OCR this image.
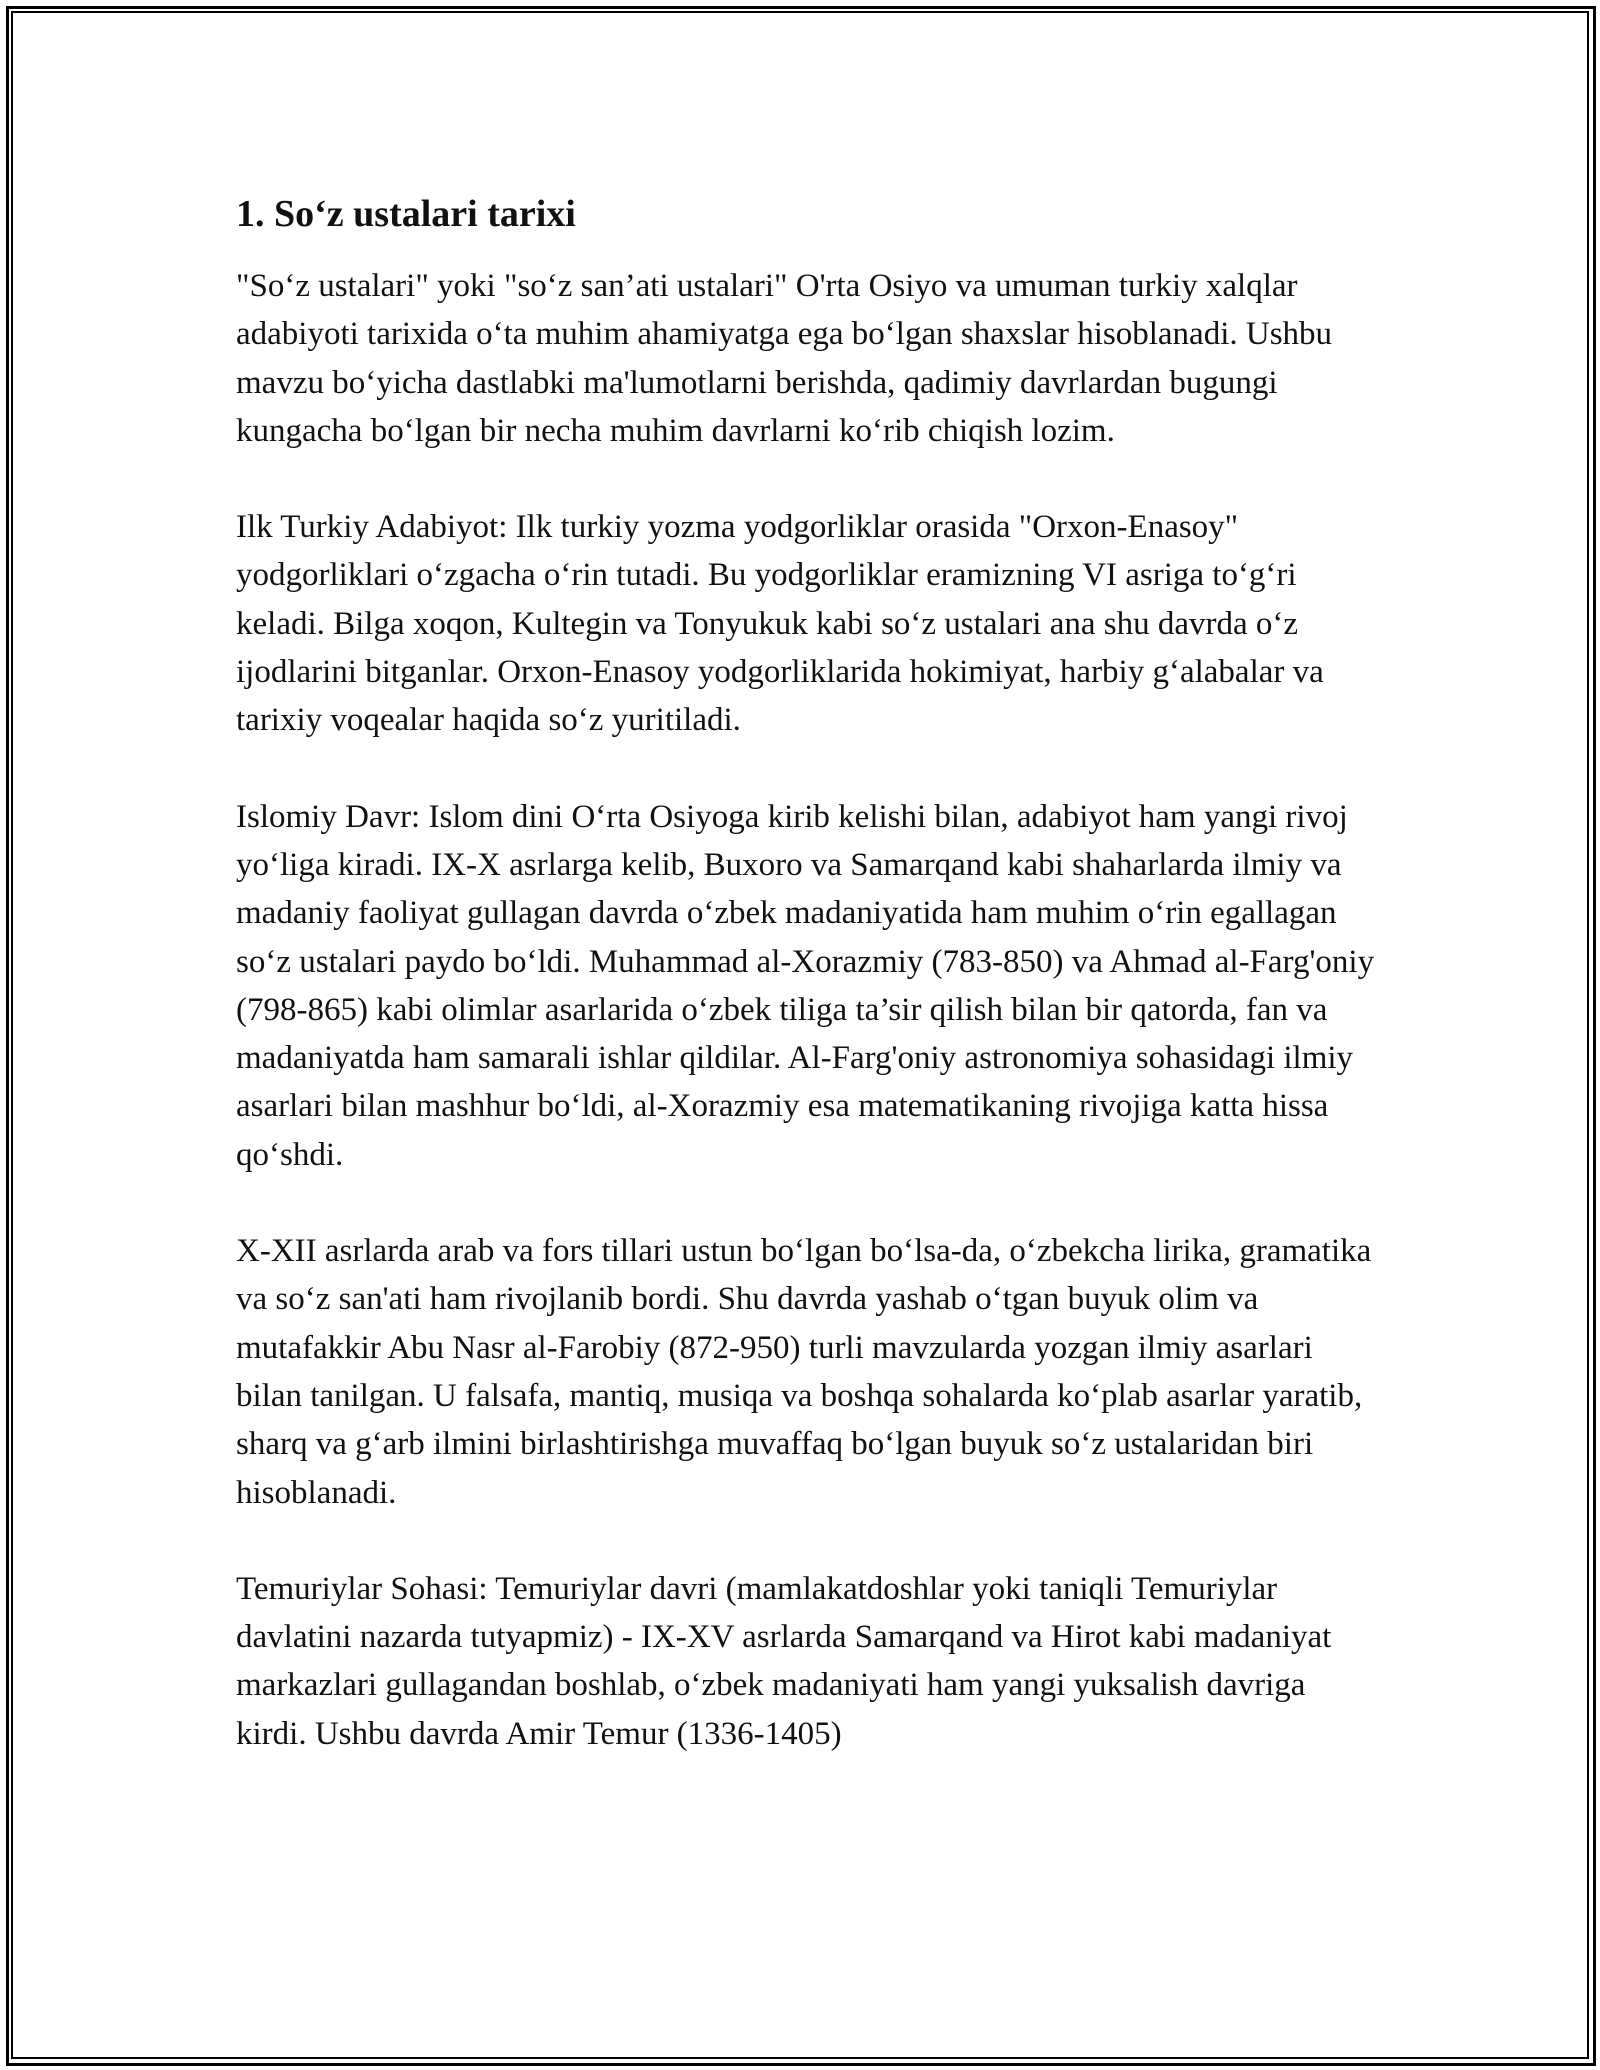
1. So‘z ustalari tarixi

"So‘z ustalari" yoki "so‘z san’ati ustalari" O'rta Osiyo va umuman turkiy xalqlar adabiyoti tarixida o‘ta muhim ahamiyatga ega bo‘lgan shaxslar hisoblanadi. Ushbu mavzu bo‘yicha dastlabki ma'lumotlarni berishda, qadimiy davrlardan bugungi kungacha bo‘lgan bir necha muhim davrlarni ko‘rib chiqish lozim.

Ilk Turkiy Adabiyot: Ilk turkiy yozma yodgorliklar orasida "Orxon-Enasoy" yodgorliklari o‘zgacha o‘rin tutadi. Bu yodgorliklar eramizning VI asriga to‘g‘ri keladi. Bilga xoqon, Kultegin va Tonyukuk kabi so‘z ustalari ana shu davrda o‘z ijodlarini bitganlar. Orxon-Enasoy yodgorliklarida hokimiyat, harbiy g‘alabalar va tarixiy voqealar haqida so‘z yuritiladi.

Islomiy Davr: Islom dini O‘rta Osiyoga kirib kelishi bilan, adabiyot ham yangi rivoj yo‘liga kiradi. IX-X asrlarga kelib, Buxoro va Samarqand kabi shaharlarda ilmiy va madaniy faoliyat gullagan davrda o‘zbek madaniyatida ham muhim o‘rin egallagan so‘z ustalari paydo bo‘ldi. Muhammad al-Xorazmiy (783-850) va Ahmad al-Farg'oniy (798-865) kabi olimlar asarlarida o‘zbek tiliga ta’sir qilish bilan bir qatorda, fan va madaniyatda ham samarali ishlar qildilar. Al-Farg'oniy astronomiya sohasidagi ilmiy asarlari bilan mashhur bo‘ldi, al-Xorazmiy esa matematikaning rivojiga katta hissa qo‘shdi.

X-XII asrlarda arab va fors tillari ustun bo‘lgan bo‘lsa-da, o‘zbekcha lirika, gramatika va so‘z san'ati ham rivojlanib bordi. Shu davrda yashab o‘tgan buyuk olim va mutafakkir Abu Nasr al-Farobiy (872-950) turli mavzularda yozgan ilmiy asarlari bilan tanilgan. U falsafa, mantiq, musiqa va boshqa sohalarda ko‘plab asarlar yaratib, sharq va g‘arb ilmini birlashtirishga muvaffaq bo‘lgan buyuk so‘z ustalaridan biri hisoblanadi.

Temuriylar Sohasi: Temuriylar davri (mamlakatdoshlar yoki taniqli Temuriylar davlatini nazarda tutyapmiz) - IX-XV asrlarda Samarqand va Hirot kabi madaniyat markazlari gullagandan boshlab, o‘zbek madaniyati ham yangi yuksalish davriga kirdi. Ushbu davrda Amir Temur (1336-1405)
